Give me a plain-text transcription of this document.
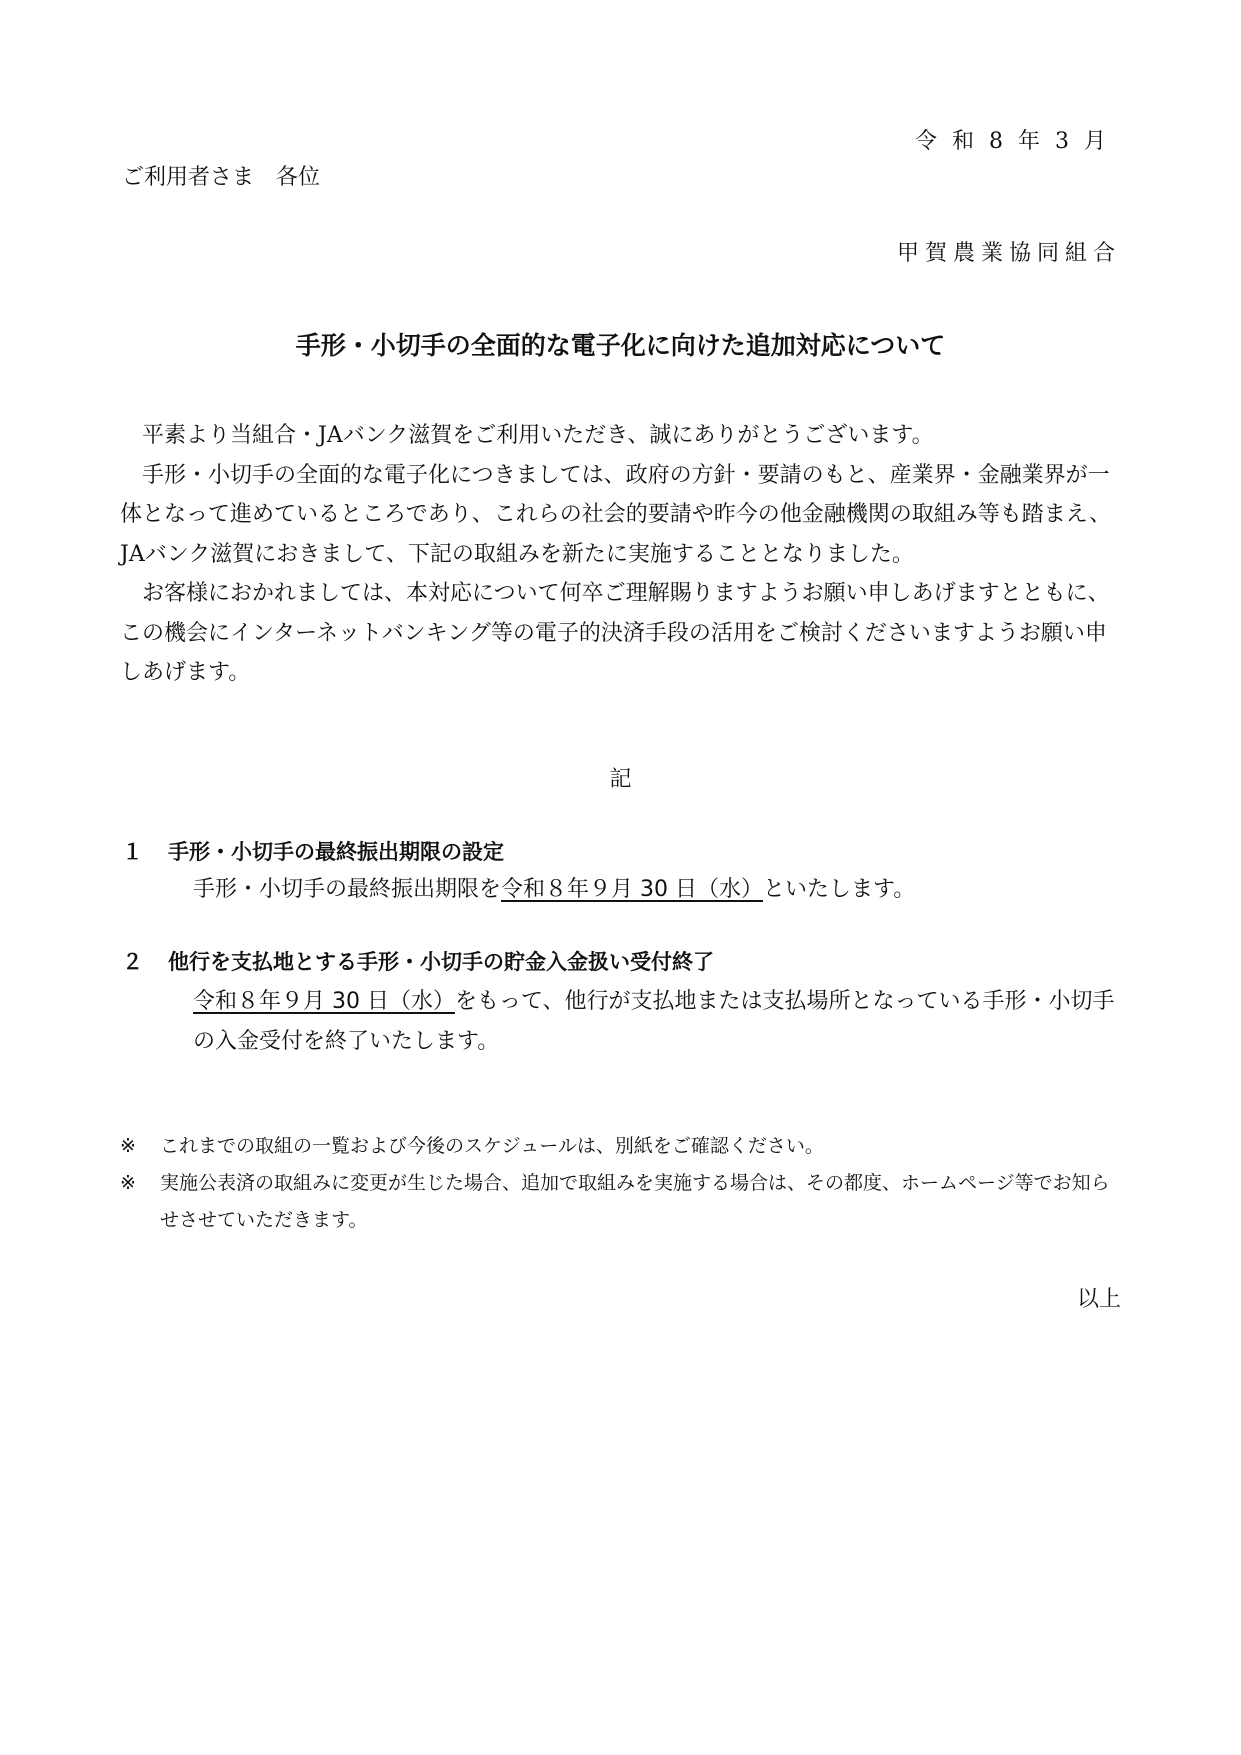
令和8年3月
ご利用者さま　各位
甲賀農業協同組合
手形・小切手の全面的な電子化に向けた追加対応について

　平素より当組合・JAバンク滋賀をご利用いただき、誠にありがとうございます。

　手形・小切手の全面的な電子化につきましては、政府の方針・要請のもと、産業界・金融業界が一体となって進めているところであり、これらの社会的要請や昨今の他金融機関の取組み等も踏まえ、JAバンク滋賀におきまして、下記の取組みを新たに実施することとなりました。

　お客様におかれましては、本対応について何卒ご理解賜りますようお願い申しあげますとともに、この機会にインターネットバンキング等の電子的決済手段の活用をご検討くださいますようお願い申しあげます。

記
１ 手形・小切手の最終振出期限の設定
手形・小切手の最終振出期限を令和８年９月 30 日（水）といたします。
２ 他行を支払地とする手形・小切手の貯金入金扱い受付終了
令和８年９月 30 日（水）をもって、他行が支払地または支払場所となっている手形・小切手の入金受付を終了いたします。
※	これまでの取組の一覧および今後のスケジュールは、別紙をご確認ください。
※	実施公表済の取組みに変更が生じた場合、追加で取組みを実施する場合は、その都度、ホームページ等でお知らせさせていただきます。
以上
